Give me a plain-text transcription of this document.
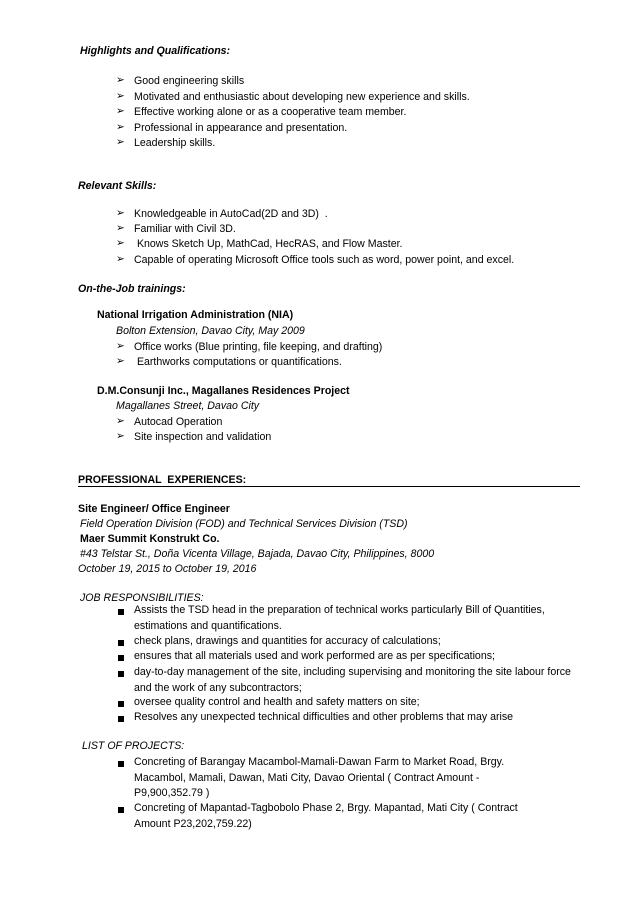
Highlights and Qualifications:
➢ Good engineering skills
➢ Motivated and enthusiastic about developing new experience and skills.
➢ Effective working alone or as a cooperative team member.
➢ Professional in appearance and presentation.
➢ Leadership skills.
Relevant Skills:
➢ Knowledgeable in AutoCad(2D and 3D)  .
➢ Familiar with Civil 3D.
➢ Knows Sketch Up, MathCad, HecRAS, and Flow Master.
➢ Capable of operating Microsoft Office tools such as word, power point, and excel.
On-the-Job trainings:
National Irrigation Administration (NIA)
Bolton Extension, Davao City, May 2009
➢ Office works (Blue printing, file keeping, and drafting)
➢ Earthworks computations or quantifications.
D.M.Consunji Inc., Magallanes Residences Project
Magallanes Street, Davao City
➢ Autocad Operation
➢ Site inspection and validation
PROFESSIONAL  EXPERIENCES:
Site Engineer/ Office Engineer
Field Operation Division (FOD) and Technical Services Division (TSD)
Maer Summit Konstrukt Co.
#43 Telstar St., Doña Vicenta Village, Bajada, Davao City, Philippines, 8000
October 19, 2015 to October 19, 2016
JOB RESPONSIBILITIES:
Assists the TSD head in the preparation of technical works particularly Bill of Quantities, estimations and quantifications.
check plans, drawings and quantities for accuracy of calculations;
ensures that all materials used and work performed are as per specifications;
day-to-day management of the site, including supervising and monitoring the site labour force and the work of any subcontractors;
oversee quality control and health and safety matters on site;
Resolves any unexpected technical difficulties and other problems that may arise
LIST OF PROJECTS:
Concreting of Barangay Macambol-Mamali-Dawan Farm to Market Road, Brgy. Macambol, Mamali, Dawan, Mati City, Davao Oriental ( Contract Amount - P9,900,352.79 )
Concreting of Mapantad-Tagbobolo Phase 2, Brgy. Mapantad, Mati City ( Contract Amount P23,202,759.22)
